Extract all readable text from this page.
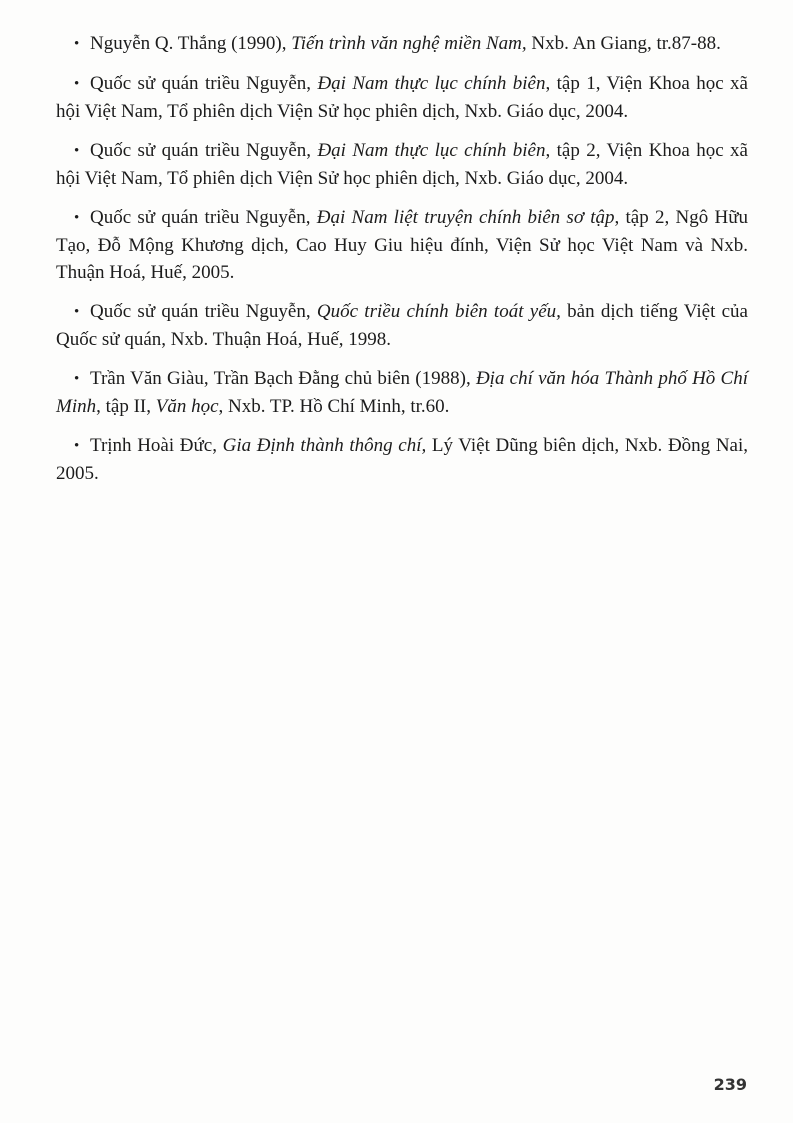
• Nguyễn Q. Thắng (1990), Tiến trình văn nghệ miền Nam, Nxb. An Giang, tr.87-88.

• Quốc sử quán triều Nguyễn, Đại Nam thực lục chính biên, tập 1, Viện Khoa học xã hội Việt Nam, Tổ phiên dịch Viện Sử học phiên dịch, Nxb. Giáo dục, 2004.

• Quốc sử quán triều Nguyễn, Đại Nam thực lục chính biên, tập 2, Viện Khoa học xã hội Việt Nam, Tổ phiên dịch Viện Sử học phiên dịch, Nxb. Giáo dục, 2004.

• Quốc sử quán triều Nguyễn, Đại Nam liệt truyện chính biên sơ tập, tập 2, Ngô Hữu Tạo, Đỗ Mộng Khương dịch, Cao Huy Giu hiệu đính, Viện Sử học Việt Nam và Nxb. Thuận Hoá, Huế, 2005.

• Quốc sử quán triều Nguyễn, Quốc triều chính biên toát yếu, bản dịch tiếng Việt của Quốc sử quán, Nxb. Thuận Hoá, Huế, 1998.

• Trần Văn Giàu, Trần Bạch Đằng chủ biên (1988), Địa chí văn hóa Thành phố Hồ Chí Minh, tập II, Văn học, Nxb. TP. Hồ Chí Minh, tr.60.

• Trịnh Hoài Đức, Gia Định thành thông chí, Lý Việt Dũng biên dịch, Nxb. Đồng Nai, 2005.

239
